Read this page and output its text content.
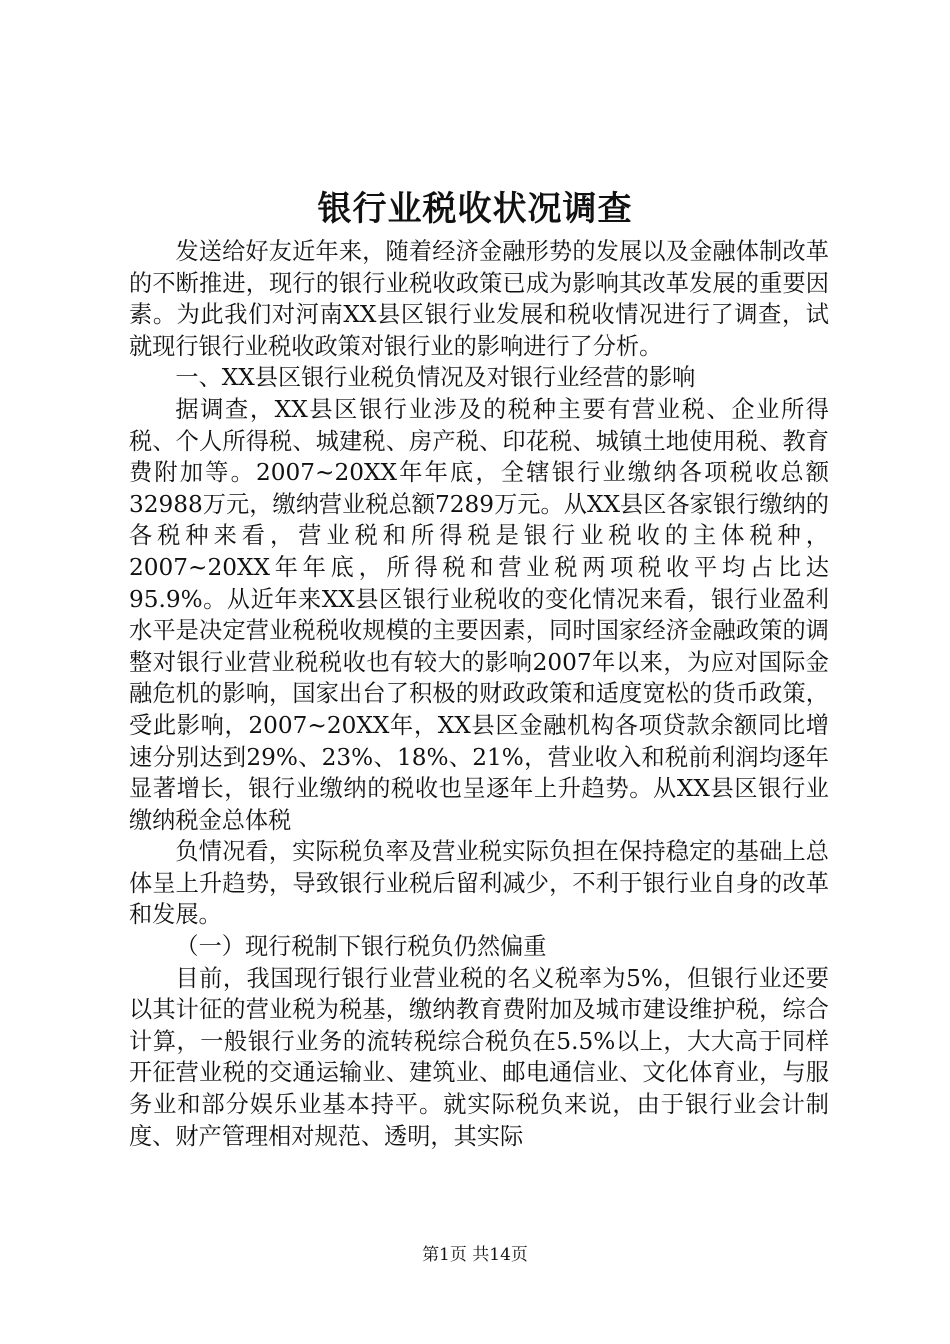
银行业税收状况调查

发送给好友近年来，随着经济金融形势的发展以及金融体制改革的不断推进，现行的银行业税收政策已成为影响其改革发展的重要因素。为此我们对河南XX县区银行业发展和税收情况进行了调查，试就现行银行业税收政策对银行业的影响进行了分析。

一、XX县区银行业税负情况及对银行业经营的影响

据调查，XX县区银行业涉及的税种主要有营业税、企业所得税、个人所得税、城建税、房产税、印花税、城镇土地使用税、教育费附加等。2007~20XX年年底，全辖银行业缴纳各项税收总额32988万元，缴纳营业税总额7289万元。从XX县区各家银行缴纳的各税种来看，营业税和所得税是银行业税收的主体税种，2007~20XX年年底，所得税和营业税两项税收平均占比达95.9%。从近年来XX县区银行业税收的变化情况来看，银行业盈利水平是决定营业税税收规模的主要因素，同时国家经济金融政策的调整对银行业营业税税收也有较大的影响2007年以来，为应对国际金融危机的影响，国家出台了积极的财政政策和适度宽松的货币政策，受此影响，2007~20XX年，XX县区金融机构各项贷款余额同比增速分别达到29%、23%、18%、21%，营业收入和税前利润均逐年显著增长，银行业缴纳的税收也呈逐年上升趋势。从XX县区银行业缴纳税金总体税

负情况看，实际税负率及营业税实际负担在保持稳定的基础上总体呈上升趋势，导致银行业税后留利减少，不利于银行业自身的改革和发展。

（一）现行税制下银行税负仍然偏重

目前，我国现行银行业营业税的名义税率为5%，但银行业还要以其计征的营业税为税基，缴纳教育费附加及城市建设维护税，综合计算，一般银行业务的流转税综合税负在5.5%以上，大大高于同样开征营业税的交通运输业、建筑业、邮电通信业、文化体育业，与服务业和部分娱乐业基本持平。就实际税负来说，由于银行业会计制度、财产管理相对规范、透明，其实际

第1页 共14页
